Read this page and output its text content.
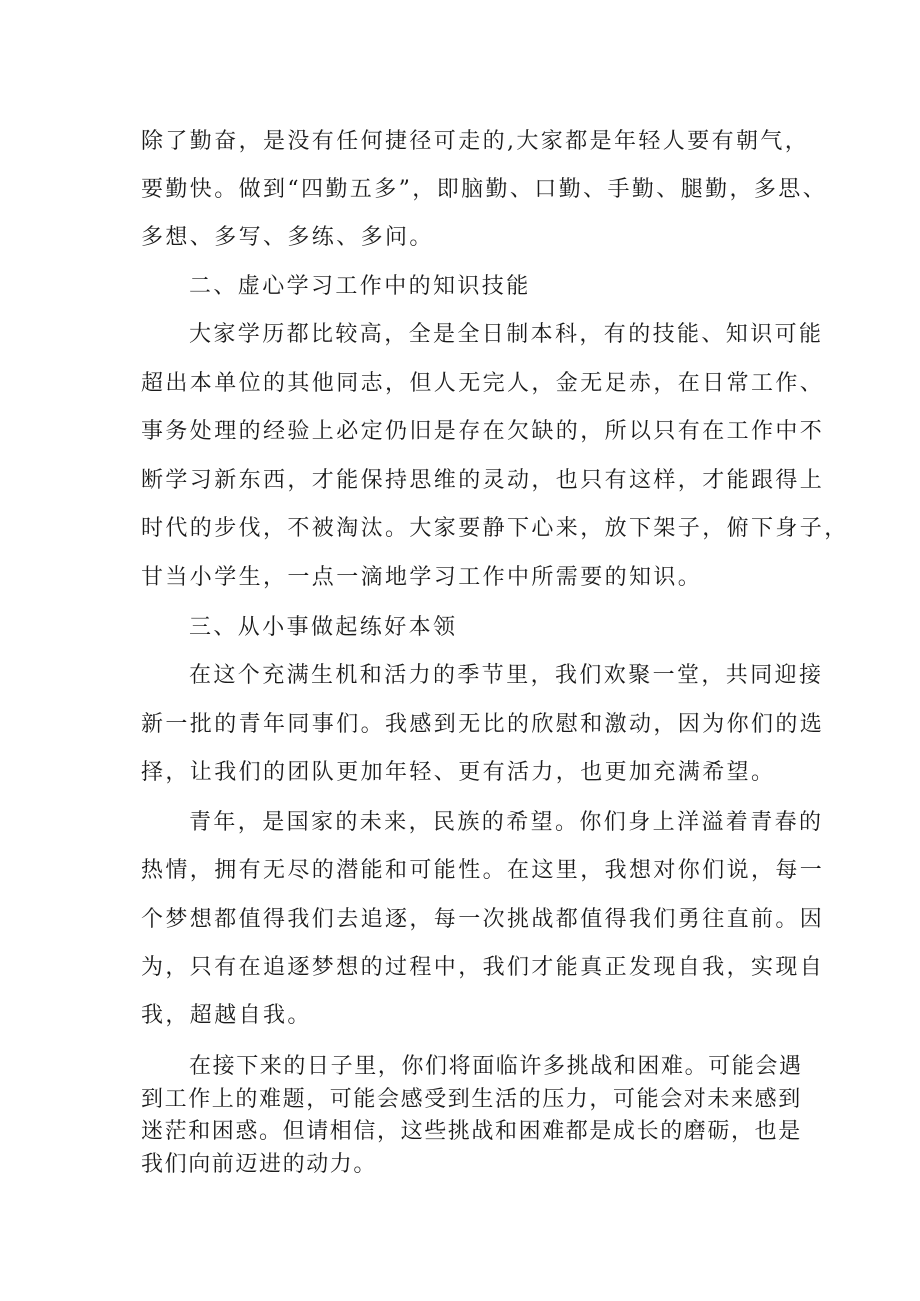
除了勤奋，是没有任何捷径可走的,大家都是年轻人要有朝气，

要勤快。做到“四勤五多”，即脑勤、口勤、手勤、腿勤，多思、

多想、多写、多练、多问。

二、虚心学习工作中的知识技能

大家学历都比较高，全是全日制本科，有的技能、知识可能

超出本单位的其他同志，但人无完人，金无足赤，在日常工作、

事务处理的经验上必定仍旧是存在欠缺的，所以只有在工作中不

断学习新东西，才能保持思维的灵动，也只有这样，才能跟得上

时代的步伐，不被淘汰。大家要静下心来，放下架子，俯下身子，

甘当小学生，一点一滴地学习工作中所需要的知识。

三、从小事做起练好本领

在这个充满生机和活力的季节里，我们欢聚一堂，共同迎接

新一批的青年同事们。我感到无比的欣慰和激动，因为你们的选

择，让我们的团队更加年轻、更有活力，也更加充满希望。

青年，是国家的未来，民族的希望。你们身上洋溢着青春的

热情，拥有无尽的潜能和可能性。在这里，我想对你们说，每一

个梦想都值得我们去追逐，每一次挑战都值得我们勇往直前。因

为，只有在追逐梦想的过程中，我们才能真正发现自我，实现自

我，超越自我。

在接下来的日子里，你们将面临许多挑战和困难。可能会遇

到工作上的难题，可能会感受到生活的压力，可能会对未来感到

迷茫和困惑。但请相信，这些挑战和困难都是成长的磨砺，也是

我们向前迈进的动力。
